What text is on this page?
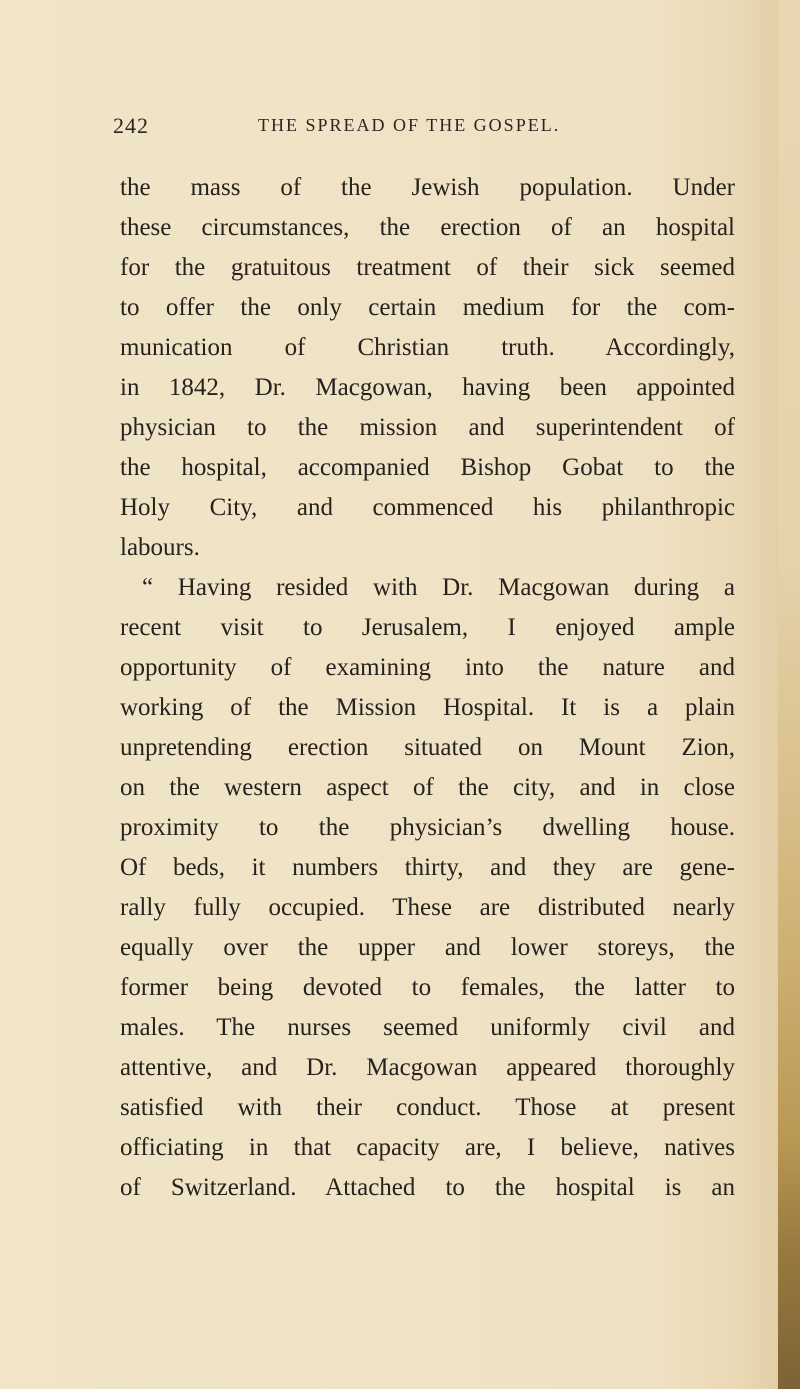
242	THE SPREAD OF THE GOSPEL.
the mass of the Jewish population. Under
these circumstances, the erection of an hospital
for the gratuitous treatment of their sick seemed
to offer the only certain medium for the com-
munication of Christian truth. Accordingly,
in 1842, Dr. Macgowan, having been appointed
physician to the mission and superintendent of
the hospital, accompanied Bishop Gobat to the
Holy City, and commenced his philanthropic
labours.
“ Having resided with Dr. Macgowan during a
recent visit to Jerusalem, I enjoyed ample
opportunity of examining into the nature and
working of the Mission Hospital. It is a plain
unpretending erection situated on Mount Zion,
on the western aspect of the city, and in close
proximity to the physician’s dwelling house.
Of beds, it numbers thirty, and they are gene-
rally fully occupied. These are distributed nearly
equally over the upper and lower storeys, the
former being devoted to females, the latter to
males. The nurses seemed uniformly civil and
attentive, and Dr. Macgowan appeared thoroughly
satisfied with their conduct. Those at present
officiating in that capacity are, I believe, natives
of Switzerland. Attached to the hospital is an
